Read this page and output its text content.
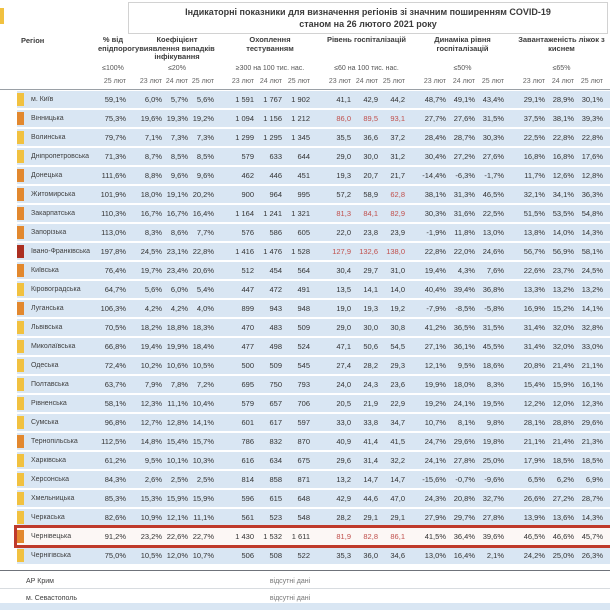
Індикаторні показники для визначення регіонів зі значним поширенням COVID-19
станом на 26 лютого 2021 року
Регіон	% від епідпорогу
≤100%
Коефіцієнт виявлення випадків інфікування
≤20%
Охоплення тестуванням
≥300 на 100 тис. нас.
Рівень госпіталізацій
≤60 на 100 тис. нас.
Динаміка рівня госпіталізацій
≤50%
Завантаженість ліжок з киснем
≤65%
25 лют 23 лют 24 лют 25 лют	23 лют 24 лют 25 лют	23 лют 24 лют 25 лют	23 лют 24 лют 25 лют	23 лют 24 лют 25 лют
м. Київ	59,1%	6,0%	5,7%	5,6%	1 591	1 767	1 902	41,1	42,9	44,2	48,7%	49,1%	43,4%	29,1%	28,9%	30,1%
Вінницька	75,3%	19,6% 19,3% 19,2%	1 094	1 156	1 212	86,0	89,5	93,1	27,7%	27,6%	31,5%	37,5%	38,1%	39,3%
Волинська	79,7%	7,1%	7,3%	7,3%	1 299	1 295	1 345	35,5	36,6	37,2	28,4%	28,7%	30,3%	22,5%	22,8%	22,8%
Дніпропетровська	71,3%	8,7%	8,5%	8,5%	579	633	644	29,0	30,0	31,2	30,4%	27,2%	27,6%	16,8%	16,8%	17,6%
Донецька	111,6%	8,8%	9,6%	9,6%	462	446	451	19,3	20,7	21,7	-14,4%	-6,3%	-1,7%	11,7%	12,6%	12,8%
Житомирська	101,9%	18,0% 19,1% 20,2%	900	964	995	57,2	58,9	62,8	38,1%	31,3%	46,5%	32,1%	34,1%	36,3%
Закарпатська	110,3%	16,7% 16,7% 16,4%	1 164	1 241	1 321	81,3	84,1	82,9	30,3%	31,6%	22,5%	51,5%	53,5%	54,8%
Запорізька	113,0%	8,3%	8,6%	7,7%	576	586	605	22,0	23,8	23,9	-1,9%	11,8%	13,0%	13,8%	14,0%	14,3%
Івано-Франківська	197,8%	24,5% 23,1% 22,8%	1 416	1 476	1 528	127,9	132,6	138,0	22,8%	22,0%	24,6%	56,7%	56,9%	58,1%
Київська	76,4%	19,7% 23,4% 20,6%	512	454	564	30,4	29,7	31,0	19,4%	4,3%	7,6%	22,6%	23,7%	24,5%
Кіровоградська	64,7%	5,6%	6,0%	5,4%	447	472	491	13,5	14,1	14,0	40,4%	39,4%	36,8%	13,3%	13,2%	13,2%
Луганська	106,3%	4,2%	4,2%	4,0%	899	943	948	19,0	19,3	19,2	-7,9%	-8,5%	-5,8%	16,9%	15,2%	14,1%
Львівська	70,5%	18,2% 18,8% 18,3%	470	483	509	29,0	30,0	30,8	41,2%	36,5%	31,5%	31,4%	32,0%	32,8%
Миколаївська	66,8%	19,4% 19,9% 18,4%	477	498	524	47,1	50,6	54,5	27,1%	36,1%	45,5%	31,4%	32,0%	33,0%
Одеська	72,4%	10,2% 10,6% 10,5%	500	509	545	27,4	28,2	29,3	12,1%	9,5%	18,6%	20,8%	21,4%	21,1%
Полтавська	63,7%	7,9%	7,8%	7,2%	695	750	793	24,0	24,3	23,6	19,9%	18,0%	8,3%	15,4%	15,9%	16,1%
Рівненська	58,1%	12,3% 11,1% 10,4%	579	657	706	20,5	21,9	22,9	19,2%	24,1%	19,5%	12,2%	12,0%	12,3%
Сумська	96,8%	12,7% 12,8% 14,1%	601	617	597	33,0	33,8	34,7	10,7%	8,1%	9,8%	28,1%	28,8%	29,6%
Тернопільська	112,5%	14,8% 15,4% 15,7%	786	832	870	40,9	41,4	41,5	24,7%	29,6%	19,8%	21,1%	21,4%	21,3%
Харківська	61,2%	9,5% 10,1% 10,3%	616	634	675	29,6	31,4	32,2	24,1%	27,8%	25,0%	17,9%	18,5%	18,5%
Херсонська	84,3%	2,6%	2,5%	2,5%	814	858	871	13,2	14,7	14,7	-15,6%	-0,7%	-9,6%	6,5%	6,2%	6,9%
Хмельницька	85,3%	15,3% 15,9% 15,9%	596	615	648	42,9	44,6	47,0	24,3%	20,8%	32,7%	26,6%	27,2%	28,7%
Черкаська	82,6%	10,9% 12,1% 11,1%	561	523	548	28,2	29,1	29,1	27,9%	29,7%	27,8%	13,9%	13,6%	14,3%
Чернівецька	91,2%	23,2% 22,6% 22,7%	1 430	1 532	1 611	81,9	82,8	86,1	41,5%	36,4%	39,6%	46,5%	46,6%	45,7%
Чернігівська	75,0%	10,5% 12,0% 10,7%	506	508	522	35,3	36,0	34,6	13,0%	16,4%	2,1%	24,2%	25,0%	26,3%
АР Крим	відсутні дані
м. Севастополь	відсутні дані
